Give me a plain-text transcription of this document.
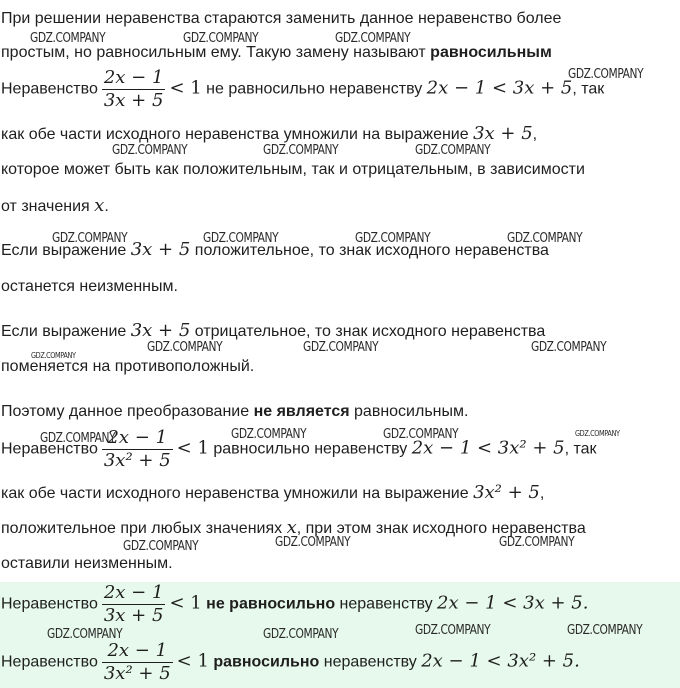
При решении неравенства стараются заменить данное неравенство более
простым, но равносильным ему. Такую замену называют равносильным
Неравенство $\frac{2x - 1}{3x + 5} < 1$ не равносильно неравенству 2x − 1 < 3x + 5, так
как обе части исходного неравенства умножили на выражение 3x + 5,
которое может быть как положительным, так и отрицательным, в зависимости
от значения x.
Если выражение 3x + 5 положительное, то знак исходного неравенства
останется неизменным.
Если выражение 3x + 5 отрицательное, то знак исходного неравенства
поменяется на противоположный.
Поэтому данное преобразование не является равносильным.
Неравенство $\frac{2x - 1}{\text{3x² + 5}} < 1$ равносильно неравенству 2x − 1 < 3x² + 5, так
как обе части исходного неравенства умножили на выражение 3x² + 5,
положительное при любых значениях x, при этом знак исходного неравенства
оставили неизменным.
Неравенство $\frac{2x - 1}{3x + 5} < 1$ не равносильно неравенству 2x − 1 < 3x + 5.
Неравенство $\frac{2x - 1}{\text{3x² + 5}} < 1$ равносильно неравенству 2x − 1 < 3x² + 5.
GDZ.COMPANY	GDZ.COMPANY	GDZ.COMPANY
GDZ.COMPANY
GDZ.COMPANY	GDZ.COMPANY	GDZ.COMPANY
GDZ.COMPANY	GDZ.COMPANY	GDZ.COMPANY	GDZ.COMPANY
GDZ.COMPANY	GDZ.COMPANY	GDZ.COMPANY
GDZ.COMPANY
GDZ.COMPANY	GDZ.COMPANY	GDZ.COMPANY	GDZ.COMPANY
GDZ.COMPANY	GDZ.COMPANY	GDZ.COMPANY
GDZ.COMPANY	GDZ.COMPANY	GDZ.COMPANY	GDZ.COMPANY
